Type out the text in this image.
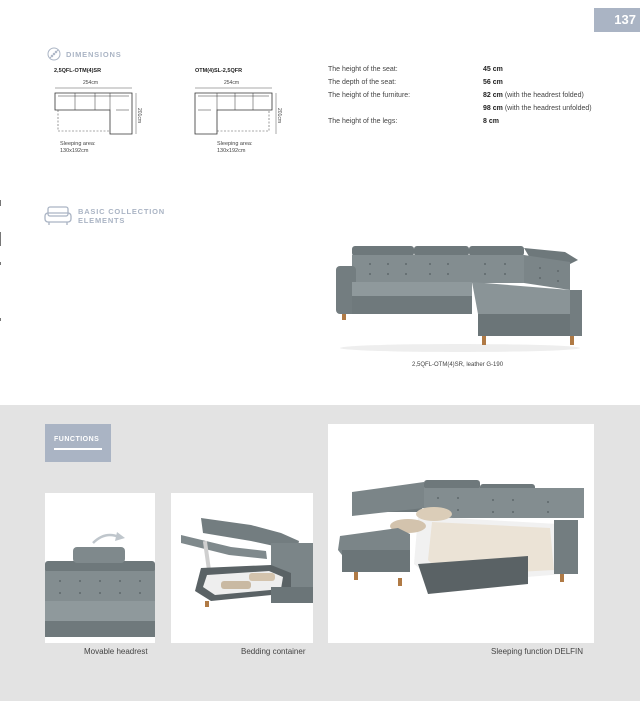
137
DIMENSIONS
2,5QFL-OTM(4)SR
254cm
201cm
Sleeping area:
130x192cm
OTM(4)SL-2,5QFR
254cm
201cm
Sleeping area:
130x192cm
The height of the seat:	45 cm
The depth of the seat:	56 cm
The height of the furniture:	82 cm (with the headrest folded)
98 cm (with the headrest unfolded)
The height of the legs:	8 cm
BASIC COLLECTION
ELEMENTS
2,5QFL-OTM(4)SR, leather G-190
FUNCTIONS
Movable headrest	Bedding container	Sleeping function DELFIN
